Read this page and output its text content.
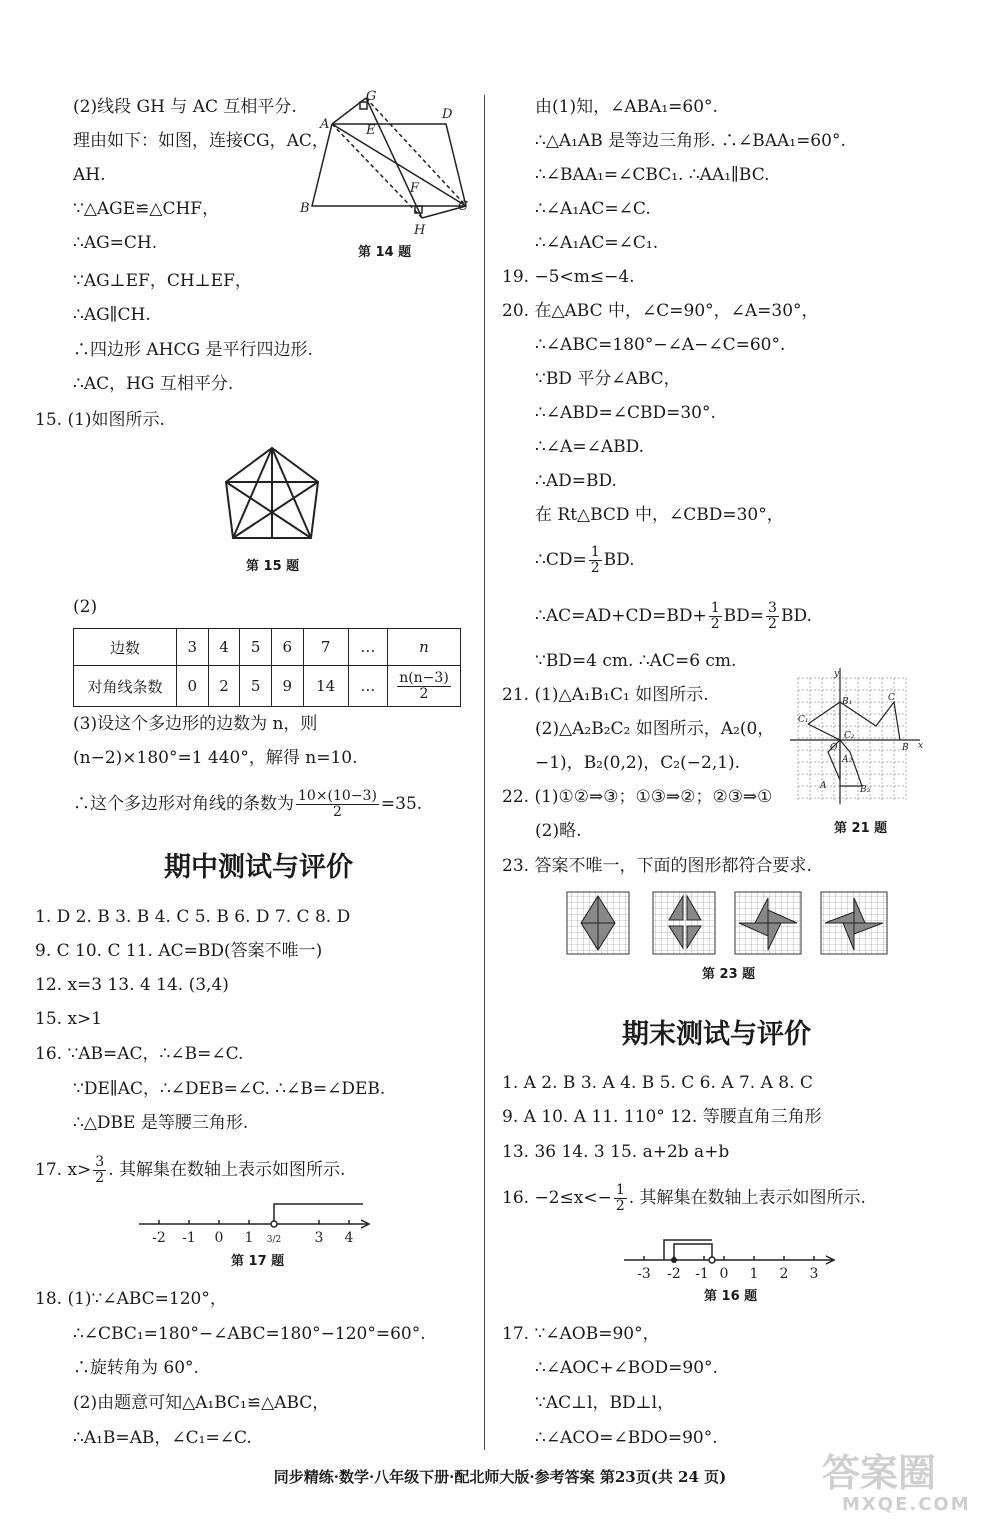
(2)线段 GH 与 AC 互相平分.
理由如下：如图，连接CG，AC，
AH.
∵△AGE≌△CHF，
∴AG=CH.
∵AG⊥EF，CH⊥EF，
∴AG∥CH.
∴四边形 AHCG 是平行四边形.
∴AC，HG 互相平分.
A
B	C
D
E
F
G
H
第 14 题
15. (1)如图所示.
第 15 题
(2)
边数	3	4	5	6	7	…	n
对角线条数	0	2	5	9	14	…	$\frac{n(n-3)}{2}$
(3)设这个多边形的边数为 n，则
(n−2)×180°=1 440°，解得 n=10.
∴这个多边形对角线的条数为 $\frac{10\times(10-3)}{2} =35$.
期中测试与评价
1. D 2. B 3. B 4. C 5. B 6. D 7. C 8. D
9. C 10. C 11. AC=BD(答案不唯一)
12. x=3 13. 4 14. (3,4)
15. x>1
16. ∵AB=AC，∴∠B=∠C.
∵DE∥AC，∴∠DEB=∠C. ∴∠B=∠DEB.
∴△DBE 是等腰三角形.
17. $x> \frac{3}{2}$ . 其解集在数轴上表示如图所示.
-2 -1 0 1 3/2 3 4
第 17 题
18. (1)∵∠ABC=120°，
∴∠CBC₁=180°−∠ABC=180°−120°=60°.
∴旋转角为 60°.
(2)由题意可知△A₁BC₁≌△ABC，
∴A₁B=AB，∠C₁=∠C.
由(1)知，∠ABA₁=60°.
∴△A₁AB 是等边三角形. ∴∠BAA₁=60°.
∴∠BAA₁=∠CBC₁. ∴AA₁∥BC.
∴∠A₁AC=∠C.
∴∠A₁AC=∠C₁.
19. −5<m≤−4.
20. 在△ABC 中，∠C=90°，∠A=30°，
∴∠ABC=180°−∠A−∠C=60°.
∵BD 平分∠ABC，
∴∠ABD=∠CBD=30°.
∴∠A=∠ABD.
∴AD=BD.
在 Rt△BCD 中，∠CBD=30°，
∴CD= $\frac{1}{2}$ BD.
∴AC=AD+CD=BD+ $\frac{1}{2} BD= \frac{3}{2}$ BD.
∵BD=4 cm. ∴AC=6 cm.
21. (1)△A₁B₁C₁ 如图所示.
(2)△A₂B₂C₂ 如图所示，A₂(0，
−1)，B₂(0,2)，C₂(−2,1).
y
x
C₁
B₁	C
B
C₂
A₂
A	B₂
O
第 21 题
22. (1)①②⇒③；①③⇒②；②③⇒①
(2)略.
23. 答案不唯一，下面的图形都符合要求.
第 23 题
期末测试与评价
1. A 2. B 3. A 4. B 5. C 6. A 7. A 8. C
9. A 10. A 11. 110° 12. 等腰直角三角形
13. 36 14. 3 15. a+2b a+b
16. $-2\le x<- \frac{1}{2}$ . 其解集在数轴上表示如图所示.
-3 -2 -1 0 1 2 3
第 16 题
17. ∵∠AOB=90°，
∴∠AOC+∠BOD=90°.
∵AC⊥l，BD⊥l，
∴∠ACO=∠BDO=90°.
同步精练·数学·八年级下册·配北师大版·参考答案 第23页(共 24 页)	答案圈
MXQE.COM
